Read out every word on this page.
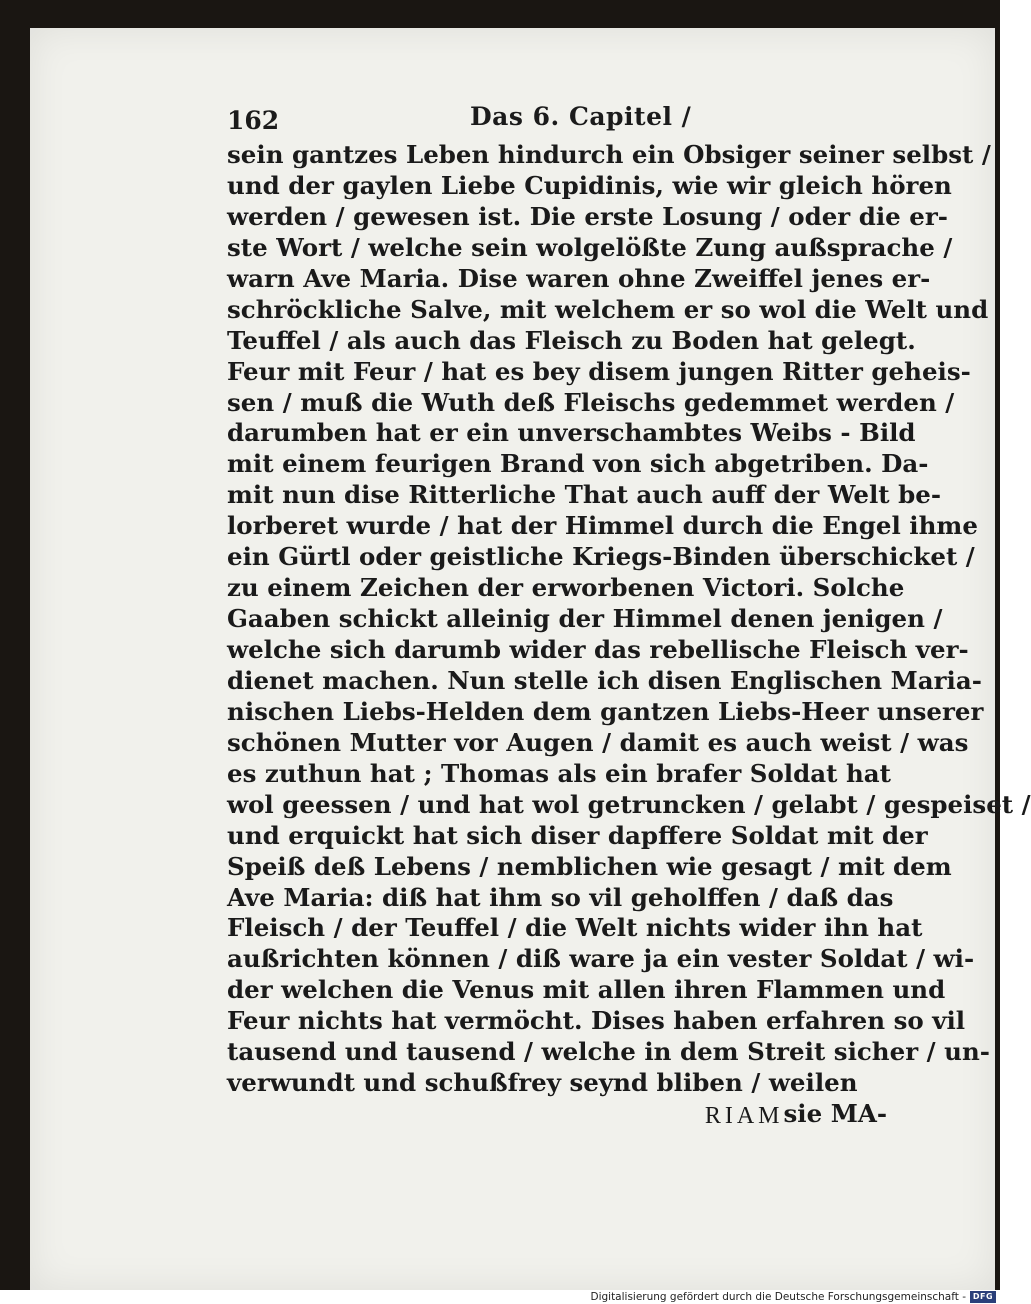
162	Das 6. Capitel /
sein gantzes Leben hindurch ein Obsiger seiner selbst /
und der gaylen Liebe Cupidinis, wie wir gleich hören
werden / gewesen ist. Die erste Losung / oder die er-
ste Wort / welche sein wolgelößte Zung außsprache /
warn Ave Maria. Dise waren ohne Zweiffel jenes er-
schröckliche Salve, mit welchem er so wol die Welt und
Teuffel / als auch das Fleisch zu Boden hat gelegt.
Feur mit Feur / hat es bey disem jungen Ritter geheis-
sen / muß die Wuth deß Fleischs gedemmet werden /
darumben hat er ein unverschambtes Weibs - Bild
mit einem feurigen Brand von sich abgetriben. Da-
mit nun dise Ritterliche That auch auff der Welt be-
lorberet wurde / hat der Himmel durch die Engel ihme
ein Gürtl oder geistliche Kriegs-Binden überschicket /
zu einem Zeichen der erworbenen Victori. Solche
Gaaben schickt alleinig der Himmel denen jenigen /
welche sich darumb wider das rebellische Fleisch ver-
dienet machen. Nun stelle ich disen Englischen Maria-
nischen Liebs-Helden dem gantzen Liebs-Heer unserer
schönen Mutter vor Augen / damit es auch weist / was
es zuthun hat ; Thomas als ein brafer Soldat hat
wol geessen / und hat wol getruncken / gelabt / gespeiset /
und erquickt hat sich diser dapffere Soldat mit der
Speiß deß Lebens / nemblichen wie gesagt / mit dem
Ave Maria: diß hat ihm so vil geholffen / daß das
Fleisch / der Teuffel / die Welt nichts wider ihn hat
außrichten können / diß ware ja ein vester Soldat / wi-
der welchen die Venus mit allen ihren Flammen und
Feur nichts hat vermöcht. Dises haben erfahren so vil
tausend und tausend / welche in dem Streit sicher / un-
verwundt und schußfrey seynd bliben / weilen
sie MA-
RIAM
Digitalisierung gefördert durch die Deutsche Forschungsgemeinschaft - DFG
